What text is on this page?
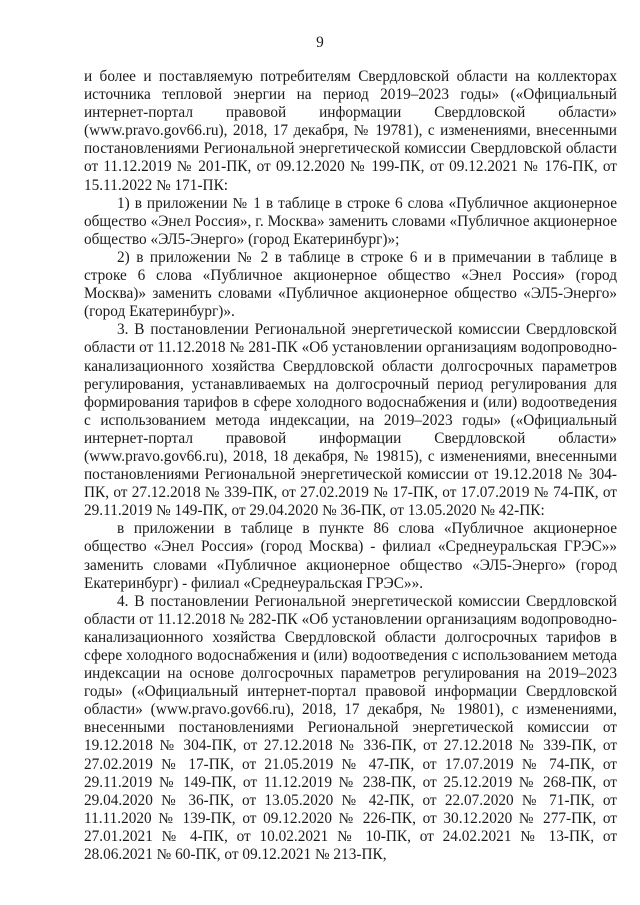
9

и более и поставляемую потребителям Свердловской области на коллекторах источника тепловой энергии на период 2019–2023 годы» («Официальный интернет-портал правовой информации Свердловской области» (www.pravo.gov66.ru), 2018, 17 декабря, № 19781), с изменениями, внесенными постановлениями Региональной энергетической комиссии Свердловской области от 11.12.2019 № 201-ПК, от 09.12.2020 № 199-ПК, от 09.12.2021 № 176-ПК, от 15.11.2022 № 171-ПК:

1) в приложении № 1 в таблице в строке 6 слова «Публичное акционерное общество «Энел Россия», г. Москва» заменить словами «Публичное акционерное общество «ЭЛ5-Энерго» (город Екатеринбург)»;

2) в приложении № 2 в таблице в строке 6 и в примечании в таблице в строке 6 слова «Публичное акционерное общество «Энел Россия» (город Москва)» заменить словами «Публичное акционерное общество «ЭЛ5-Энерго» (город Екатеринбург)».

3. В постановлении Региональной энергетической комиссии Свердловской области от 11.12.2018 № 281-ПК «Об установлении организациям водопроводно-канализационного хозяйства Свердловской области долгосрочных параметров регулирования, устанавливаемых на долгосрочный период регулирования для формирования тарифов в сфере холодного водоснабжения и (или) водоотведения с использованием метода индексации, на 2019–2023 годы» («Официальный интернет-портал правовой информации Свердловской области» (www.pravo.gov66.ru), 2018, 18 декабря, № 19815), с изменениями, внесенными постановлениями Региональной энергетической комиссии от 19.12.2018 № 304-ПК, от 27.12.2018 № 339-ПК, от 27.02.2019 № 17-ПК, от 17.07.2019 № 74-ПК, от 29.11.2019 № 149-ПК, от 29.04.2020 № 36-ПК, от 13.05.2020 № 42-ПК:

в приложении в таблице в пункте 86 слова «Публичное акционерное общество «Энел Россия» (город Москва) - филиал «Среднеуральская ГРЭС»» заменить словами «Публичное акционерное общество «ЭЛ5-Энерго» (город Екатеринбург) - филиал «Среднеуральская ГРЭС»».

4. В постановлении Региональной энергетической комиссии Свердловской области от 11.12.2018 № 282-ПК «Об установлении организациям водопроводно-канализационного хозяйства Свердловской области долгосрочных тарифов в сфере холодного водоснабжения и (или) водоотведения с использованием метода индексации на основе долгосрочных параметров регулирования на 2019–2023 годы» («Официальный интернет-портал правовой информации Свердловской области» (www.pravo.gov66.ru), 2018, 17 декабря, № 19801), с изменениями, внесенными постановлениями Региональной энергетической комиссии от 19.12.2018 № 304-ПК, от 27.12.2018 № 336-ПК, от 27.12.2018 № 339-ПК, от 27.02.2019 № 17-ПК, от 21.05.2019 № 47-ПК, от 17.07.2019 № 74-ПК, от 29.11.2019 № 149-ПК, от 11.12.2019 № 238-ПК, от 25.12.2019 № 268-ПК, от 29.04.2020 № 36-ПК, от 13.05.2020 № 42-ПК, от 22.07.2020 № 71-ПК, от 11.11.2020 № 139-ПК, от 09.12.2020 № 226-ПК, от 30.12.2020 № 277-ПК, от 27.01.2021 № 4-ПК, от 10.02.2021 № 10-ПК, от 24.02.2021 № 13-ПК, от 28.06.2021 № 60-ПК, от 09.12.2021 № 213-ПК,
